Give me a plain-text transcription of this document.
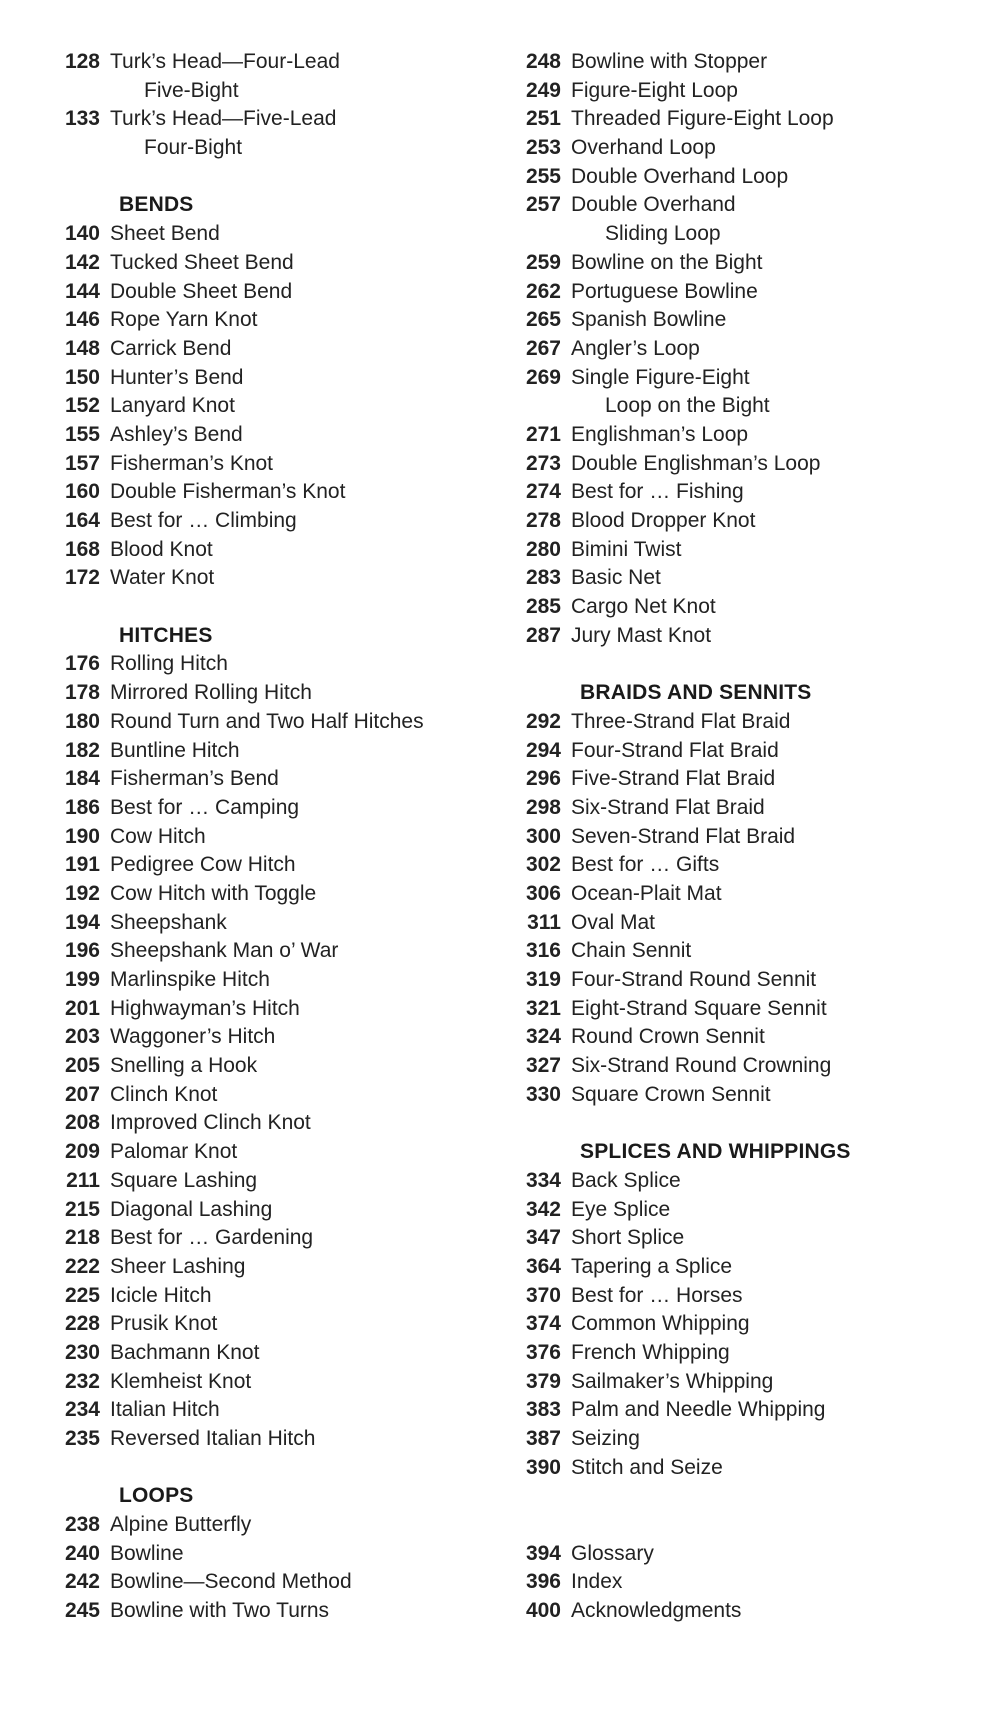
128 Turk’s Head—Four-Lead
Five-Bight
133 Turk’s Head—Five-Lead
Four-Bight
BENDS
140 Sheet Bend
142 Tucked Sheet Bend
144 Double Sheet Bend
146 Rope Yarn Knot
148 Carrick Bend
150 Hunter’s Bend
152 Lanyard Knot
155 Ashley’s Bend
157 Fisherman’s Knot
160 Double Fisherman’s Knot
164 Best for … Climbing
168 Blood Knot
172 Water Knot
HITCHES
176 Rolling Hitch
178 Mirrored Rolling Hitch
180 Round Turn and Two Half Hitches
182 Buntline Hitch
184 Fisherman’s Bend
186 Best for … Camping
190 Cow Hitch
191 Pedigree Cow Hitch
192 Cow Hitch with Toggle
194 Sheepshank
196 Sheepshank Man o’ War
199 Marlinspike Hitch
201 Highwayman’s Hitch
203 Waggoner’s Hitch
205 Snelling a Hook
207 Clinch Knot
208 Improved Clinch Knot
209 Palomar Knot
211 Square Lashing
215 Diagonal Lashing
218 Best for … Gardening
222 Sheer Lashing
225 Icicle Hitch
228 Prusik Knot
230 Bachmann Knot
232 Klemheist Knot
234 Italian Hitch
235 Reversed Italian Hitch
LOOPS
238 Alpine Butterfly
240 Bowline
242 Bowline—Second Method
245 Bowline with Two Turns
248 Bowline with Stopper
249 Figure-Eight Loop
251 Threaded Figure-Eight Loop
253 Overhand Loop
255 Double Overhand Loop
257 Double Overhand
Sliding Loop
259 Bowline on the Bight
262 Portuguese Bowline
265 Spanish Bowline
267 Angler’s Loop
269 Single Figure-Eight
Loop on the Bight
271 Englishman’s Loop
273 Double Englishman’s Loop
274 Best for … Fishing
278 Blood Dropper Knot
280 Bimini Twist
283 Basic Net
285 Cargo Net Knot
287 Jury Mast Knot
BRAIDS AND SENNITS
292 Three-Strand Flat Braid
294 Four-Strand Flat Braid
296 Five-Strand Flat Braid
298 Six-Strand Flat Braid
300 Seven-Strand Flat Braid
302 Best for … Gifts
306 Ocean-Plait Mat
311 Oval Mat
316 Chain Sennit
319 Four-Strand Round Sennit
321 Eight-Strand Square Sennit
324 Round Crown Sennit
327 Six-Strand Round Crowning
330 Square Crown Sennit
SPLICES AND WHIPPINGS
334 Back Splice
342 Eye Splice
347 Short Splice
364 Tapering a Splice
370 Best for … Horses
374 Common Whipping
376 French Whipping
379 Sailmaker’s Whipping
383 Palm and Needle Whipping
387 Seizing
390 Stitch and Seize
394 Glossary
396 Index
400 Acknowledgments
